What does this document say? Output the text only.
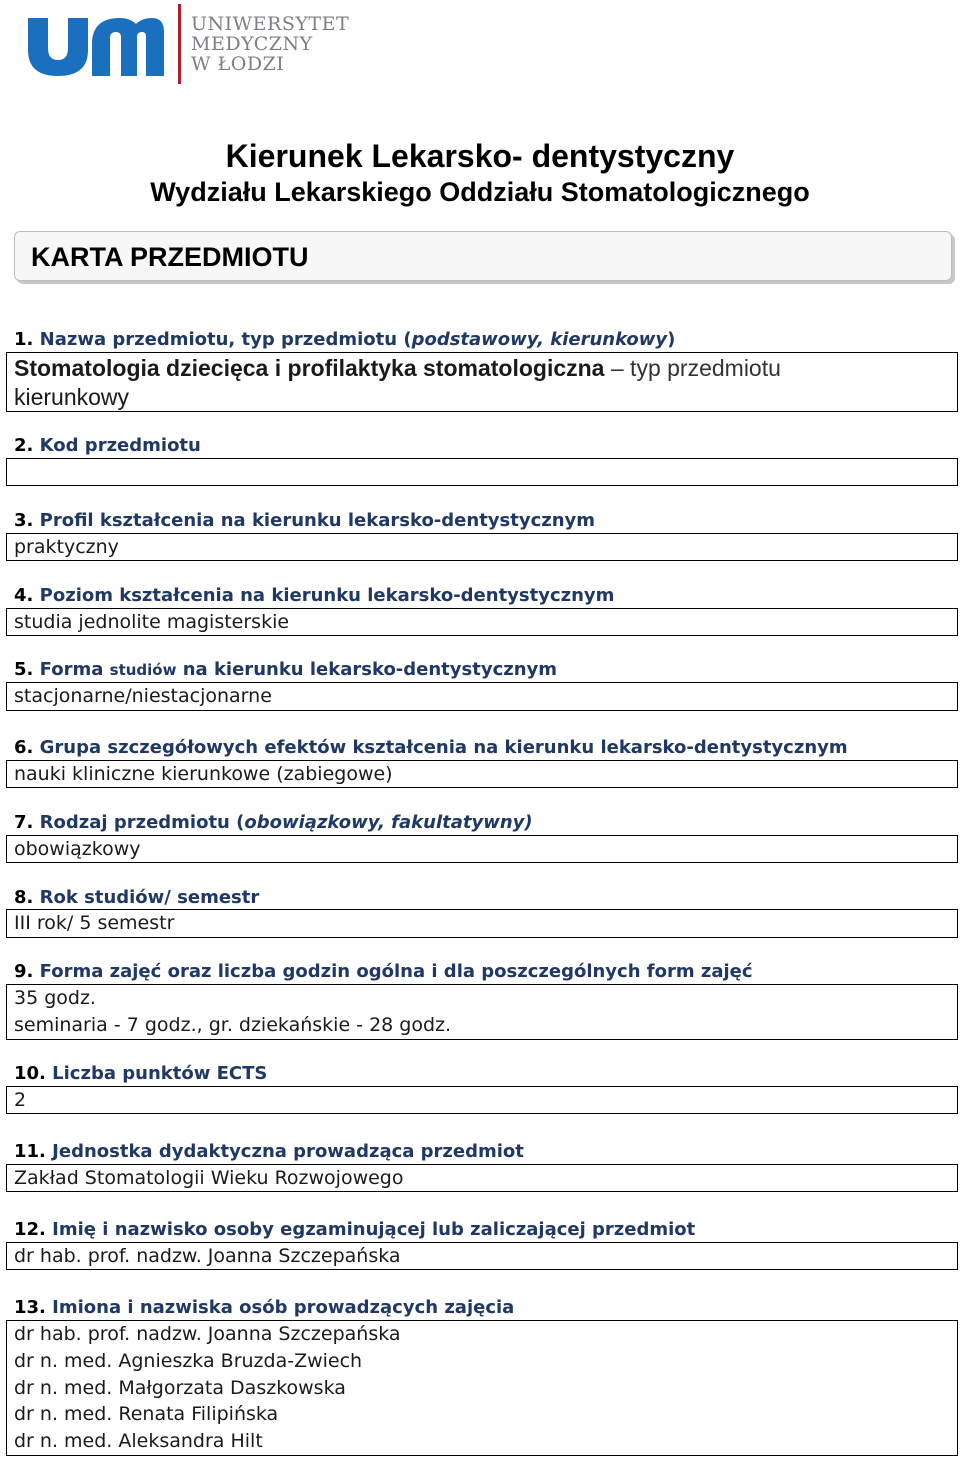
UNIWERSYTET
MEDYCZNY
W ŁODZI
Kierunek Lekarsko- dentystyczny
Wydziału Lekarskiego Oddziału Stomatologicznego
KARTA PRZEDMIOTU
1. Nazwa przedmiotu, typ przedmiotu (podstawowy, kierunkowy)
Stomatologia dziecięca i profilaktyka stomatologiczna – typ przedmiotu
kierunkowy
2. Kod przedmiotu
3. Profil kształcenia na kierunku lekarsko-dentystycznym
praktyczny
4. Poziom kształcenia na kierunku lekarsko-dentystycznym
studia jednolite magisterskie
5. Forma studiów na kierunku lekarsko-dentystycznym
stacjonarne/niestacjonarne
6. Grupa szczegółowych efektów kształcenia na kierunku lekarsko-dentystycznym
nauki kliniczne kierunkowe (zabiegowe)
7. Rodzaj przedmiotu (obowiązkowy, fakultatywny)
obowiązkowy
8. Rok studiów/ semestr
III rok/ 5 semestr
9. Forma zajęć oraz liczba godzin ogólna i dla poszczególnych form zajęć
35 godz.
seminaria - 7 godz., gr. dziekańskie - 28 godz.
10. Liczba punktów ECTS
2
11. Jednostka dydaktyczna prowadząca przedmiot
Zakład Stomatologii Wieku Rozwojowego
12. Imię i nazwisko osoby egzaminującej lub zaliczającej przedmiot
dr hab. prof. nadzw. Joanna Szczepańska
13. Imiona i nazwiska osób prowadzących zajęcia
dr hab. prof. nadzw. Joanna Szczepańska
dr n. med. Agnieszka Bruzda-Zwiech
dr n. med. Małgorzata Daszkowska
dr n. med. Renata Filipińska
dr n. med. Aleksandra Hilt
